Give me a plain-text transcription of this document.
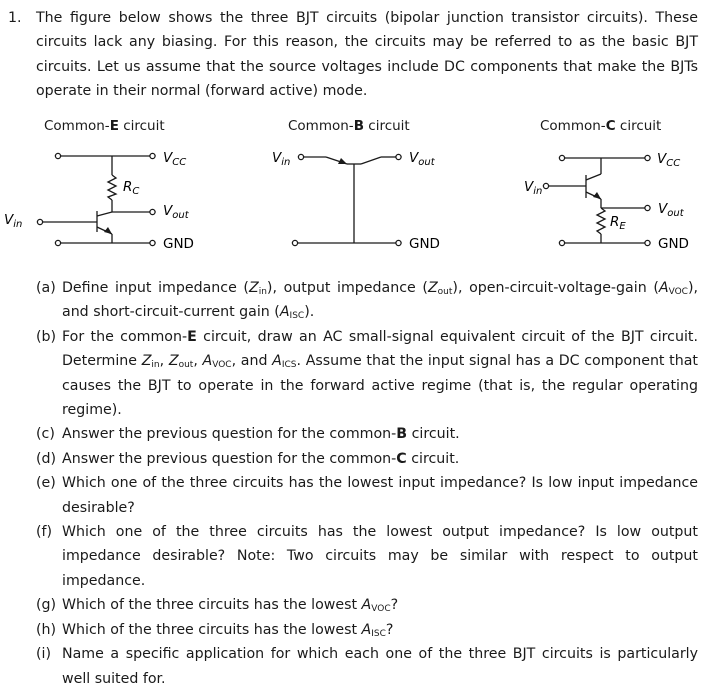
1. The figure below shows the three BJT circuits (bipolar junction transistor circuits). These circuits lack any biasing. For this reason, the circuits may be referred to as the basic BJT circuits. Let us assume that the source voltages include DC components that make the BJTs operate in their normal (forward active) mode.
Common-E circuit	Common-B circuit	Common-C circuit
$V_{CC}$
$R_C$
$V_{out}$
$V_{in}$
GND
$V_{in}$	$V_{out}$
GND
$V_{CC}$
$V_{in}$
$V_{out}$
$R_E$
GND
(a) Define input impedance $(Z_{in})$, output impedance $(Z_{out})$, open-circuit-voltage-gain $(A_{VOC})$, and short-circuit-current gain $(A_{ISC})$.
(b) For the common-E circuit, draw an AC small-signal equivalent circuit of the BJT circuit. Determine $Z_{in}$, $Z_{out}$, $A_{VOC}$, and $A_{ICS}$. Assume that the input signal has a DC component that causes the BJT to operate in the forward active regime (that is, the regular operating regime).
(c) Answer the previous question for the common-B circuit.
(d) Answer the previous question for the common-C circuit.
(e) Which one of the three circuits has the lowest input impedance? Is low input impedance desirable?
(f) Which one of the three circuits has the lowest output impedance? Is low output impedance desirable? Note: Two circuits may be similar with respect to output impedance.
(g) Which of the three circuits has the lowest $A_{VOC}$?
(h) Which of the three circuits has the lowest $A_{ISC}$?
(i) Name a specific application for which each one of the three BJT circuits is particularly well suited for.
